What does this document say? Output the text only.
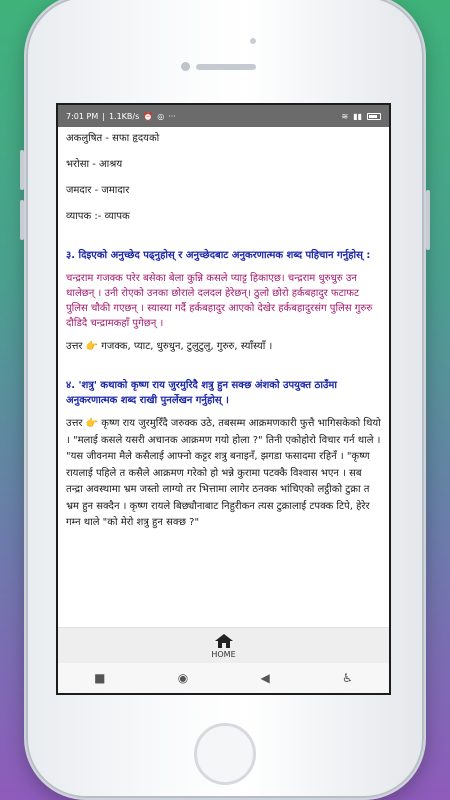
7:01 PM | 1.1KB/s ⏰ ◎ ···	≋ ▮▮

अकलुषित - सफा हृदयको

भरोसा - आश्रय

जमदार - जमादार

व्यापक :- व्यापक

३. दिइएको अनुच्छेद पढ्नुहोस् र अनुच्छेदबाट अनुकरणात्मक शब्द पहिचान गर्नुहोस् :

चन्द्रराम गजक्क परेर बसेका बेला कुन्नि कसले प्याट्ट हिकाएछ। चन्द्रराम धुरुधुरु उन थालेछन् । उनी रोएको उनका छोराले दलदल हेरेछन्। ठुलो छोरो हर्कबहादुर फटाफट पुलिस चौकी गएछन् । स्यास्या गर्दै हर्कबहादुर आएको देखेर हर्कबहादुरसंग पुलिस गुरुरु दौडिदै चन्द्रामकहाँ पुगेछन् ।

उत्तर 👉 गजक्क, प्याट, धुरुधुन, टुलुटुलु, गुरुरु, स्याँस्याँ ।

४. 'शत्रु' कथाको कृष्ण राय जुरमुरिदै शत्रु हुन सक्छ अंशको उपयुक्त ठाउँमा अनुकरणात्मक शब्द राखी पुनर्लेखन गर्नुहोस् ।

उत्तर 👉 कृष्ण राय जुरमुरिँदै जरुक्क उठे, तबसम्म आक्रमणकारी फुत्तै भागिसकेको थियो । "मलाई कसले यसरी अचानक आक्रमण गयो होला ?" तिनी एकोहोरो विचार गर्न थाले । "यस जीवनमा मैले कसैलाई आफ्नो कट्टर शत्रु बनाइनँ, झगडा फसादमा रहिनँ । "कृष्ण रायलाई पहिले त कसैले आक्रमण गरेको हो भन्ने कुरामा पटक्कै विश्वास भएन । सब तन्द्रा अवस्थामा भ्रम जस्तो लाग्यो तर भित्तामा लागेर ठनक्क भांचिएको लट्ठीको टुक्रा त भ्रम हुन सक्दैन । कृष्ण रायले बिछ्यौनाबाट निहुरीकन त्यस टुक्रालाई टपक्क टिपे, हेरेर गम्न थाले "को मेरो शत्रु हुन सक्छ ?"

HOME
■	◉	◀	♿
